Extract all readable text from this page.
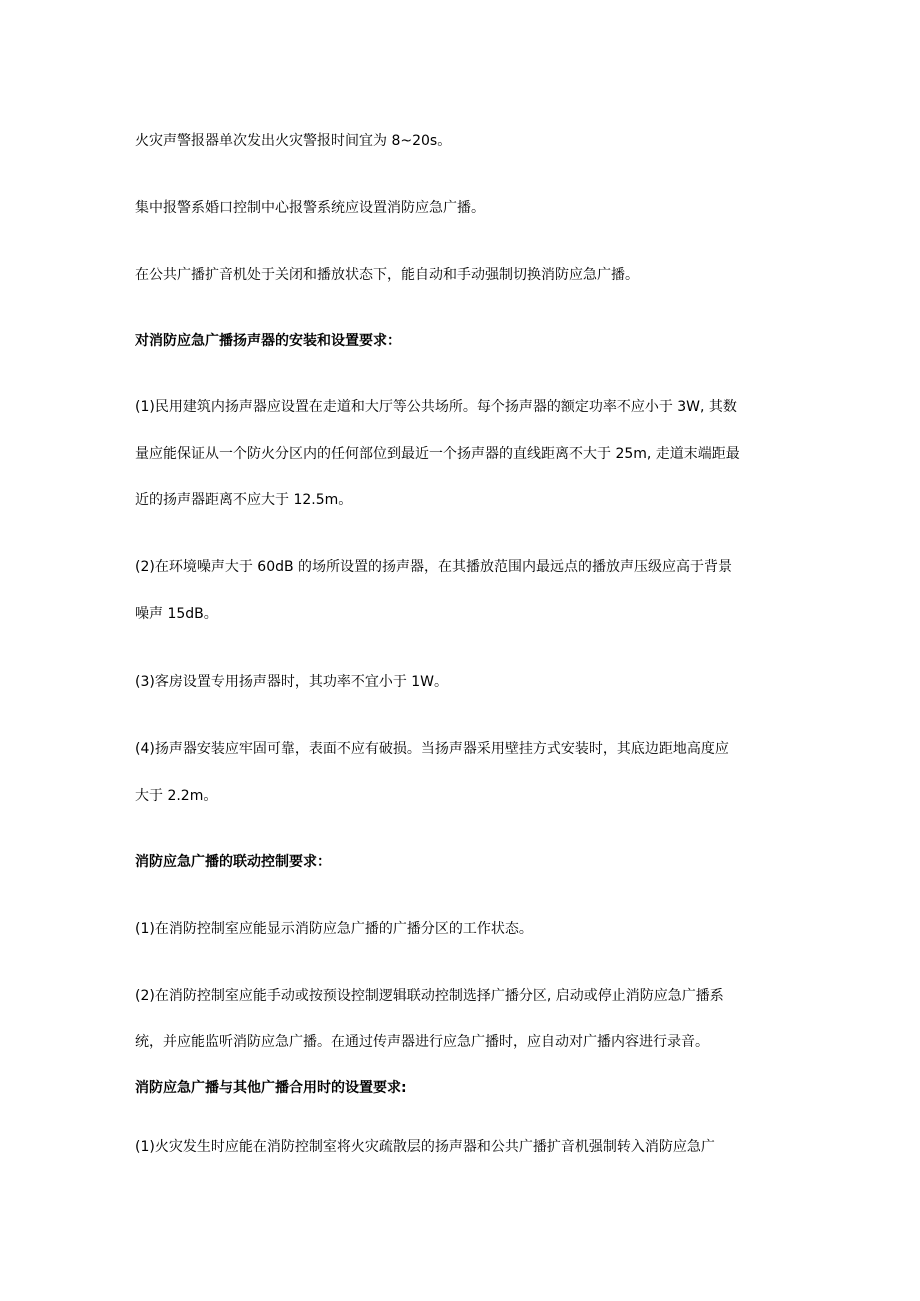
火灾声警报器单次发出火灾警报时间宜为 8~20s。

集中报警系婚口控制中心报警系统应设置消防应急广播。

在公共广播扩音机处于关闭和播放状态下，能自动和手动强制切换消防应急广播。

对消防应急广播扬声器的安装和设置要求：

(1)民用建筑内扬声器应设置在走道和大厅等公共场所。每个扬声器的额定功率不应小于 3W, 其数

量应能保证从一个防火分区内的任何部位到最近一个扬声器的直线距离不大于 25m, 走道末端距最

近的扬声器距离不应大于 12.5m。

(2)在环境噪声大于 60dB 的场所设置的扬声器，在其播放范围内最远点的播放声压级应高于背景

噪声 15dB。

(3)客房设置专用扬声器时，其功率不宜小于 1W。

(4)扬声器安装应牢固可靠，表面不应有破损。当扬声器采用壁挂方式安装时，其底边距地高度应

大于 2.2m。

消防应急广播的联动控制要求：

(1)在消防控制室应能显示消防应急广播的广播分区的工作状态。

(2)在消防控制室应能手动或按预设控制逻辑联动控制选择广播分区, 启动或停止消防应急广播系

统，并应能监听消防应急广播。在通过传声器进行应急广播时，应自动对广播内容进行录音。

消防应急广播与其他广播合用时的设置要求:

(1)火灾发生时应能在消防控制室将火灾疏散层的扬声器和公共广播扩音机强制转入消防应急广
